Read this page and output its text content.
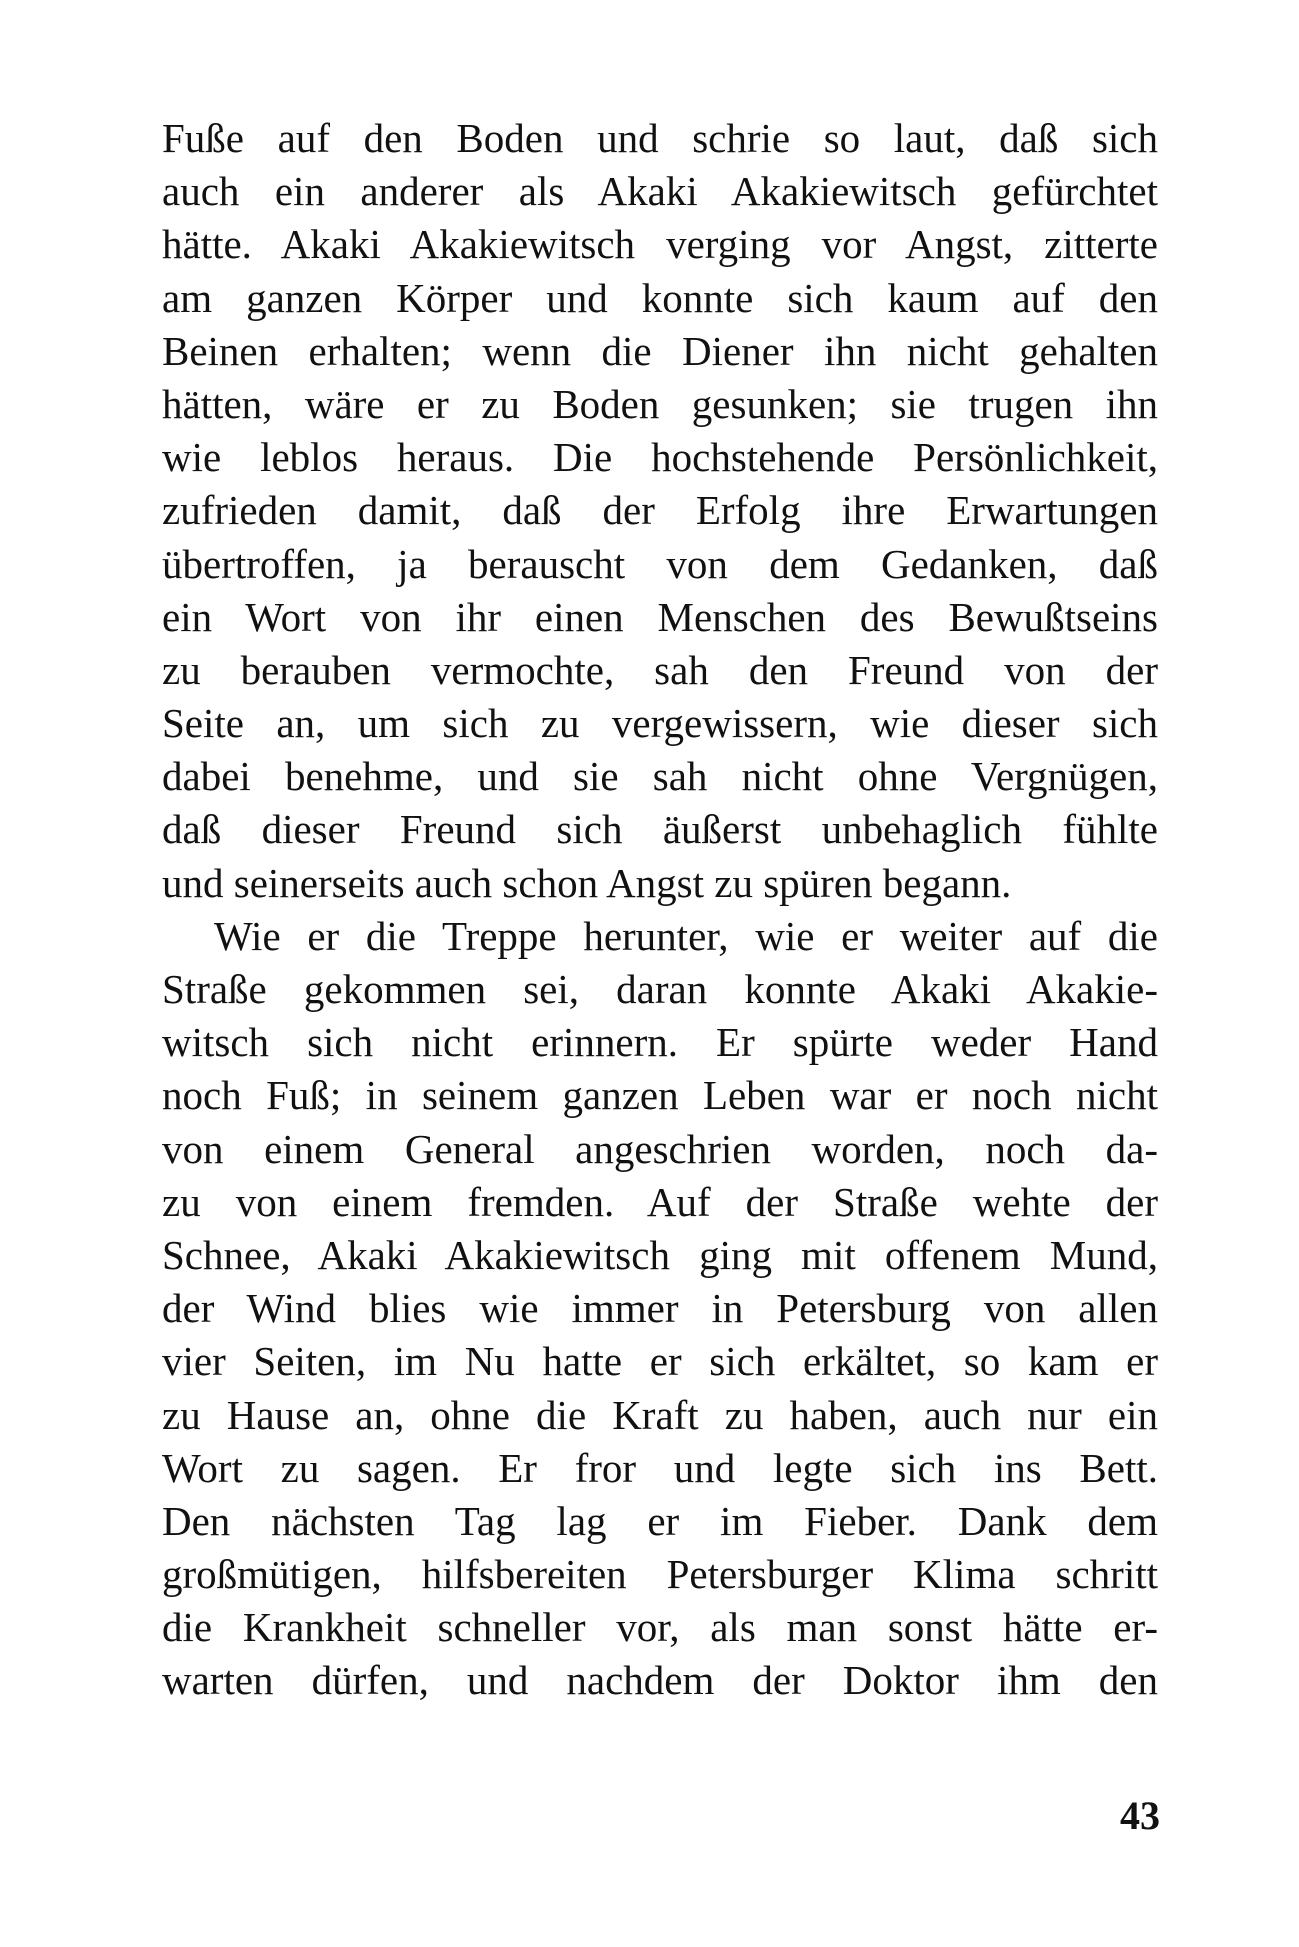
Fuße auf den Boden und schrie so laut, daß sich
auch ein anderer als Akaki Akakiewitsch gefürchtet
hätte. Akaki Akakiewitsch verging vor Angst, zitterte
am ganzen Körper und konnte sich kaum auf den
Beinen erhalten; wenn die Diener ihn nicht gehalten
hätten, wäre er zu Boden gesunken; sie trugen ihn
wie leblos heraus. Die hochstehende Persönlichkeit,
zufrieden damit, daß der Erfolg ihre Erwartungen
übertroffen, ja berauscht von dem Gedanken, daß
ein Wort von ihr einen Menschen des Bewußtseins
zu berauben vermochte, sah den Freund von der
Seite an, um sich zu vergewissern, wie dieser sich
dabei benehme, und sie sah nicht ohne Vergnügen,
daß dieser Freund sich äußerst unbehaglich fühlte
und seinerseits auch schon Angst zu spüren begann.
Wie er die Treppe herunter, wie er weiter auf die
Straße gekommen sei, daran konnte Akaki Akakie-
witsch sich nicht erinnern. Er spürte weder Hand
noch Fuß; in seinem ganzen Leben war er noch nicht
von einem General angeschrien worden, noch da-
zu von einem fremden. Auf der Straße wehte der
Schnee, Akaki Akakiewitsch ging mit offenem Mund,
der Wind blies wie immer in Petersburg von allen
vier Seiten, im Nu hatte er sich erkältet, so kam er
zu Hause an, ohne die Kraft zu haben, auch nur ein
Wort zu sagen. Er fror und legte sich ins Bett.
Den nächsten Tag lag er im Fieber. Dank dem
großmütigen, hilfsbereiten Petersburger Klima schritt
die Krankheit schneller vor, als man sonst hätte er-
warten dürfen, und nachdem der Doktor ihm den
43
